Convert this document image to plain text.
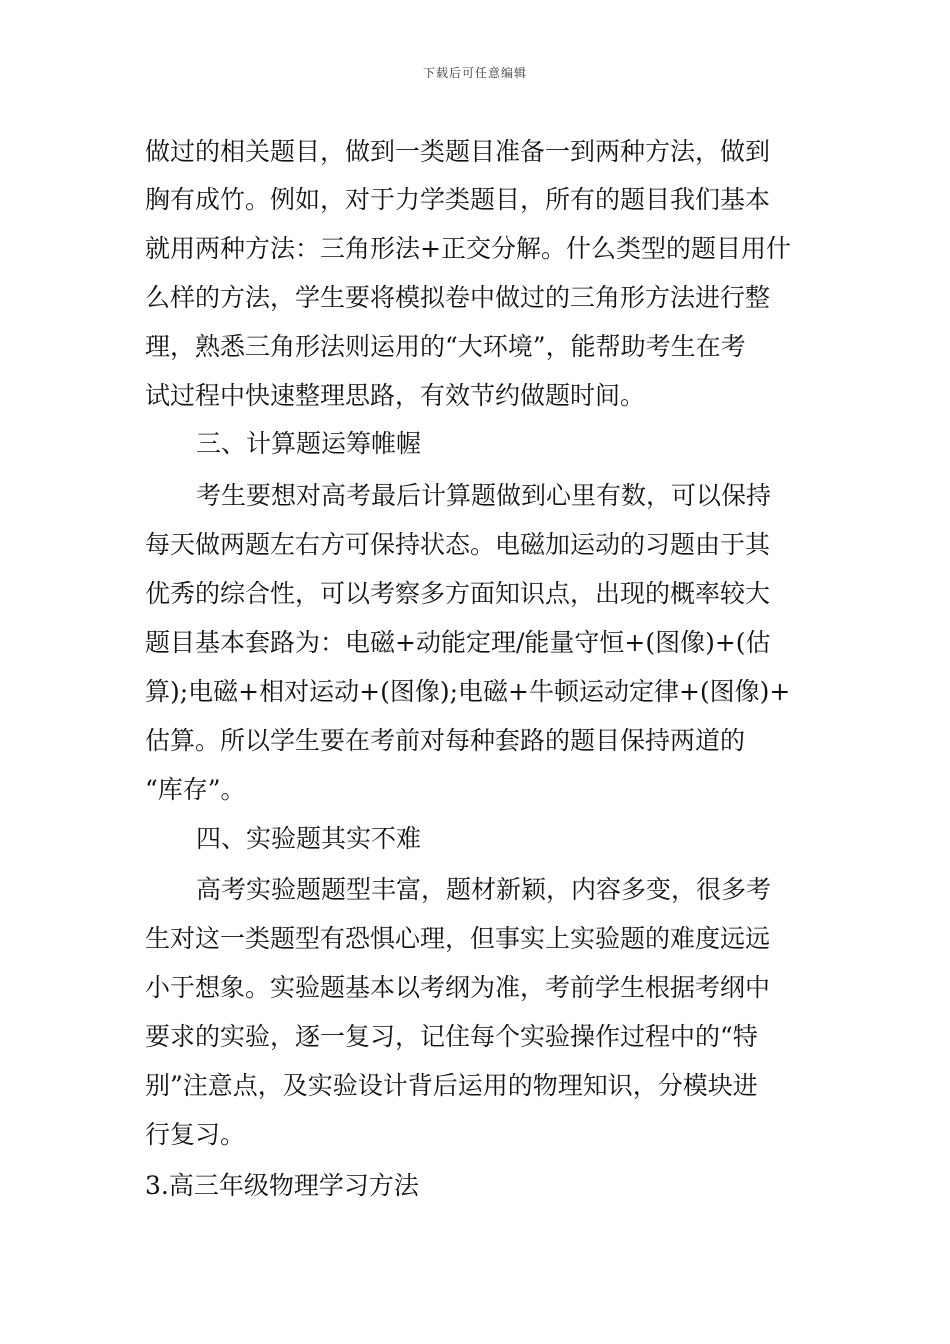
下载后可任意编辑
做过的相关题目，做到一类题目准备一到两种方法，做到
胸有成竹。例如，对于力学类题目，所有的题目我们基本
就用两种方法：三角形法+正交分解。什么类型的题目用什
么样的方法，学生要将模拟卷中做过的三角形方法进行整
理，熟悉三角形法则运用的“大环境”，能帮助考生在考
试过程中快速整理思路，有效节约做题时间。
三、计算题运筹帷幄
考生要想对高考最后计算题做到心里有数，可以保持
每天做两题左右方可保持状态。电磁加运动的习题由于其
优秀的综合性，可以考察多方面知识点，出现的概率较大
题目基本套路为：电磁+动能定理/能量守恒+(图像)+(估
算);电磁+相对运动+(图像);电磁+牛顿运动定律+(图像)+
估算。所以学生要在考前对每种套路的题目保持两道的
“库存”。
四、实验题其实不难
高考实验题题型丰富，题材新颖，内容多变，很多考
生对这一类题型有恐惧心理，但事实上实验题的难度远远
小于想象。实验题基本以考纲为准，考前学生根据考纲中
要求的实验，逐一复习，记住每个实验操作过程中的“特
别”注意点，及实验设计背后运用的物理知识，分模块进
行复习。
3.高三年级物理学习方法
